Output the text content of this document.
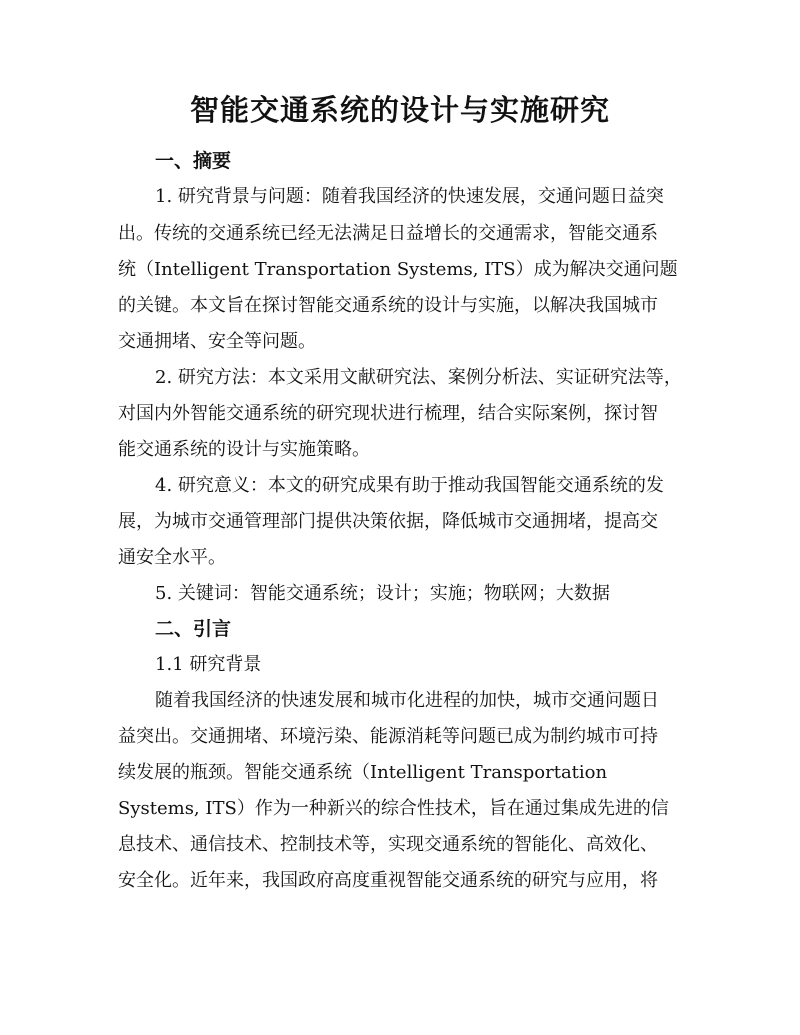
智能交通系统的设计与实施研究
一、摘要
1. 研究背景与问题：随着我国经济的快速发展，交通问题日益突
出。传统的交通系统已经无法满足日益增长的交通需求，智能交通系
统（Intelligent Transportation Systems, ITS）成为解决交通问题
的关键。本文旨在探讨智能交通系统的设计与实施，以解决我国城市
交通拥堵、安全等问题。
2. 研究方法：本文采用文献研究法、案例分析法、实证研究法等，
对国内外智能交通系统的研究现状进行梳理，结合实际案例，探讨智
能交通系统的设计与实施策略。
4. 研究意义：本文的研究成果有助于推动我国智能交通系统的发
展，为城市交通管理部门提供决策依据，降低城市交通拥堵，提高交
通安全水平。
5. 关键词：智能交通系统；设计；实施；物联网；大数据
二、引言
1.1 研究背景
随着我国经济的快速发展和城市化进程的加快，城市交通问题日
益突出。交通拥堵、环境污染、能源消耗等问题已成为制约城市可持
续发展的瓶颈。智能交通系统（Intelligent Transportation
Systems, ITS）作为一种新兴的综合性技术，旨在通过集成先进的信
息技术、通信技术、控制技术等，实现交通系统的智能化、高效化、
安全化。近年来，我国政府高度重视智能交通系统的研究与应用，将
